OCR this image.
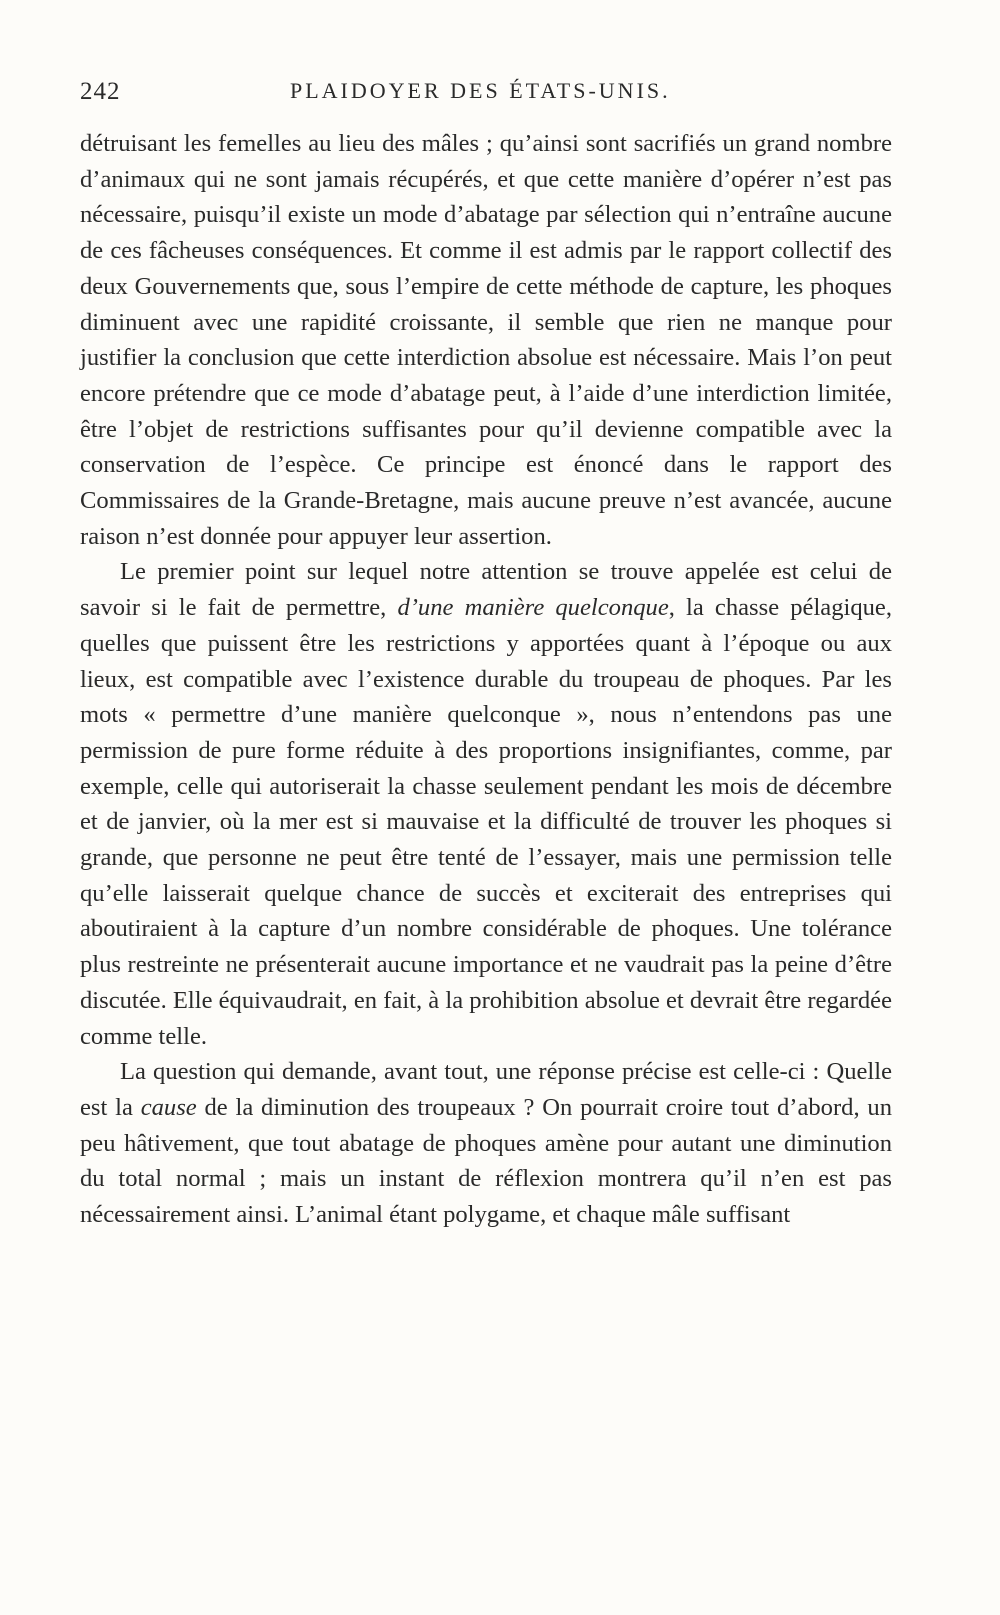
242	PLAIDOYER DES ÉTATS-UNIS.

détruisant les femelles au lieu des mâles ; qu’ainsi sont sacrifiés un grand nombre d’animaux qui ne sont jamais récupérés, et que cette manière d’opérer n’est pas nécessaire, puisqu’il existe un mode d’abatage par sélection qui n’entraîne aucune de ces fâcheuses conséquences. Et comme il est admis par le rapport collectif des deux Gouvernements que, sous l’empire de cette méthode de capture, les phoques diminuent avec une rapidité croissante, il semble que rien ne manque pour justifier la conclusion que cette interdiction absolue est nécessaire. Mais l’on peut encore prétendre que ce mode d’abatage peut, à l’aide d’une interdiction limitée, être l’objet de restrictions suffisantes pour qu’il devienne compatible avec la conservation de l’espèce. Ce principe est énoncé dans le rapport des Commissaires de la Grande-Bretagne, mais aucune preuve n’est avancée, aucune raison n’est donnée pour appuyer leur assertion.

Le premier point sur lequel notre attention se trouve appelée est celui de savoir si le fait de permettre, d’une manière quelconque, la chasse pélagique, quelles que puissent être les restrictions y apportées quant à l’époque ou aux lieux, est compatible avec l’existence durable du troupeau de phoques. Par les mots « permettre d’une manière quelconque », nous n’entendons pas une permission de pure forme réduite à des proportions insignifiantes, comme, par exemple, celle qui autoriserait la chasse seulement pendant les mois de décembre et de janvier, où la mer est si mauvaise et la difficulté de trouver les phoques si grande, que personne ne peut être tenté de l’essayer, mais une permission telle qu’elle laisserait quelque chance de succès et exciterait des entreprises qui aboutiraient à la capture d’un nombre considérable de phoques. Une tolérance plus restreinte ne présenterait aucune importance et ne vaudrait pas la peine d’être discutée. Elle équivaudrait, en fait, à la prohibition absolue et devrait être regardée comme telle.

La question qui demande, avant tout, une réponse précise est celle-ci : Quelle est la cause de la diminution des troupeaux ? On pourrait croire tout d’abord, un peu hâtivement, que tout abatage de phoques amène pour autant une diminution du total normal ; mais un instant de réflexion montrera qu’il n’en est pas nécessairement ainsi. L’animal étant polygame, et chaque mâle suffisant
